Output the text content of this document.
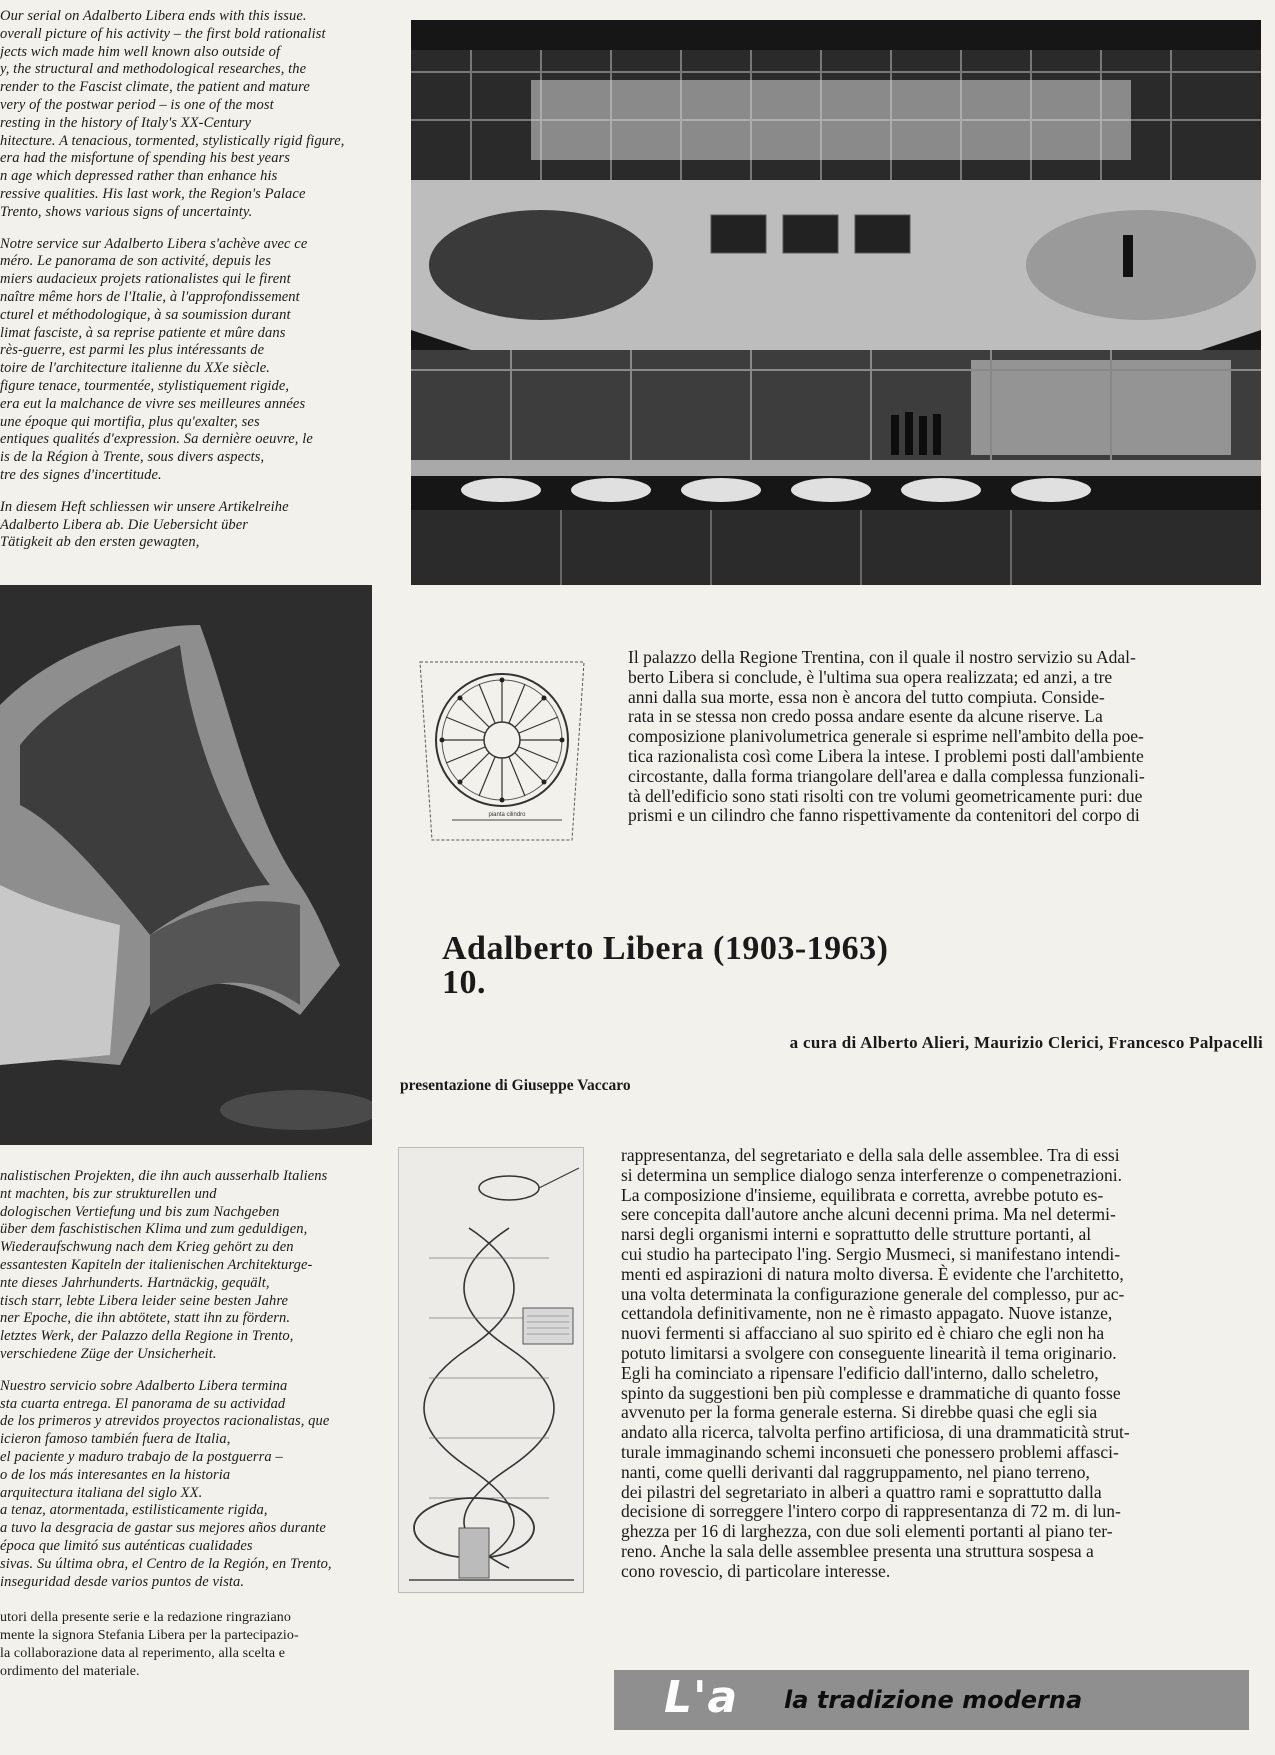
Our serial on Adalberto Libera ends with this issue.
overall picture of his activity – the first bold rationalist
jects wich made him well known also outside of
y, the structural and methodological researches, the
render to the Fascist climate, the patient and mature
very of the postwar period – is one of the most
resting in the history of Italy's XX-Century
hitecture. A tenacious, tormented, stylistically rigid figure,
era had the misfortune of spending his best years
n age which depressed rather than enhance his
ressive qualities. His last work, the Region's Palace
Trento, shows various signs of uncertainty.

Notre service sur Adalberto Libera s'achève avec ce
méro. Le panorama de son activité, depuis les
miers audacieux projets rationalistes qui le firent
naître même hors de l'Italie, à l'approfondissement
cturel et méthodologique, à sa soumission durant
limat fasciste, à sa reprise patiente et mûre dans
rès-guerre, est parmi les plus intéressants de
toire de l'architecture italienne du XXe siècle.
figure tenace, tourmentée, stylistiquement rigide,
era eut la malchance de vivre ses meilleures années
une époque qui mortifia, plus qu'exalter, ses
entiques qualités d'expression. Sa dernière oeuvre, le
is de la Région à Trente, sous divers aspects,
tre des signes d'incertitude.

In diesem Heft schliessen wir unsere Artikelreihe
Adalberto Libera ab. Die Uebersicht über
Tätigkeit ab den ersten gewagten,

pianta cilindro
Il palazzo della Regione Trentina, con il quale il nostro servizio su Adal-
berto Libera si conclude, è l'ultima sua opera realizzata; ed anzi, a tre
anni dalla sua morte, essa non è ancora del tutto compiuta. Conside-
rata in se stessa non credo possa andare esente da alcune riserve. La
composizione planivolumetrica generale si esprime nell'ambito della poe-
tica razionalista così come Libera la intese. I problemi posti dall'ambiente
circostante, dalla forma triangolare dell'area e dalla complessa funzionali-
tà dell'edificio sono stati risolti con tre volumi geometricamente puri: due
prismi e un cilindro che fanno rispettivamente da contenitori del corpo di
Adalberto Libera (1903-1963)
10.
a cura di Alberto Alieri, Maurizio Clerici, Francesco Palpacelli
presentazione di Giuseppe Vaccaro

nalistischen Projekten, die ihn auch ausserhalb Italiens
nt machten, bis zur strukturellen und
dologischen Vertiefung und bis zum Nachgeben
über dem faschistischen Klima und zum geduldigen,
Wiederaufschwung nach dem Krieg gehört zu den
essantesten Kapiteln der italienischen Architekturge-
nte dieses Jahrhunderts. Hartnäckig, gequält,
tisch starr, lebte Libera leider seine besten Jahre
ner Epoche, die ihn abtötete, statt ihn zu fördern.
letztes Werk, der Palazzo della Regione in Trento,
verschiedene Züge der Unsicherheit.

Nuestro servicio sobre Adalberto Libera termina
sta cuarta entrega. El panorama de su actividad
de los primeros y atrevidos proyectos racionalistas, que
icieron famoso también fuera de Italia,
el paciente y maduro trabajo de la postguerra –
o de los más interesantes en la historia
arquitectura italiana del siglo XX.
a tenaz, atormentada, estilisticamente rigida,
a tuvo la desgracia de gastar sus mejores años durante
época que limitó sus auténticas cualidades
sivas. Su última obra, el Centro de la Región, en Trento,
inseguridad desde varios puntos de vista.

utori della presente serie e la redazione ringraziano
mente la signora Stefania Libera per la partecipazio-
la collaborazione data al reperimento, alla scelta e
ordimento del materiale.

rappresentanza, del segretariato e della sala delle assemblee. Tra di essi
si determina un semplice dialogo senza interferenze o compenetrazioni.
La composizione d'insieme, equilibrata e corretta, avrebbe potuto es-
sere concepita dall'autore anche alcuni decenni prima. Ma nel determi-
narsi degli organismi interni e soprattutto delle strutture portanti, al
cui studio ha partecipato l'ing. Sergio Musmeci, si manifestano intendi-
menti ed aspirazioni di natura molto diversa. È evidente che l'architetto,
una volta determinata la configurazione generale del complesso, pur ac-
cettandola definitivamente, non ne è rimasto appagato. Nuove istanze,
nuovi fermenti si affacciano al suo spirito ed è chiaro che egli non ha
potuto limitarsi a svolgere con conseguente linearità il tema originario.
Egli ha cominciato a ripensare l'edificio dall'interno, dallo scheletro,
spinto da suggestioni ben più complesse e drammatiche di quanto fosse
avvenuto per la forma generale esterna. Si direbbe quasi che egli sia
andato alla ricerca, talvolta perfino artificiosa, di una drammaticità strut-
turale immaginando schemi inconsueti che ponessero problemi affasci-
nanti, come quelli derivanti dal raggruppamento, nel piano terreno,
dei pilastri del segretariato in alberi a quattro rami e soprattutto dalla
decisione di sorreggere l'intero corpo di rappresentanza di 72 m. di lun-
ghezza per 16 di larghezza, con due soli elementi portanti al piano ter-
reno. Anche la sala delle assemblee presenta una struttura sospesa a
cono rovescio, di particolare interesse.
L'a la tradizione moderna
